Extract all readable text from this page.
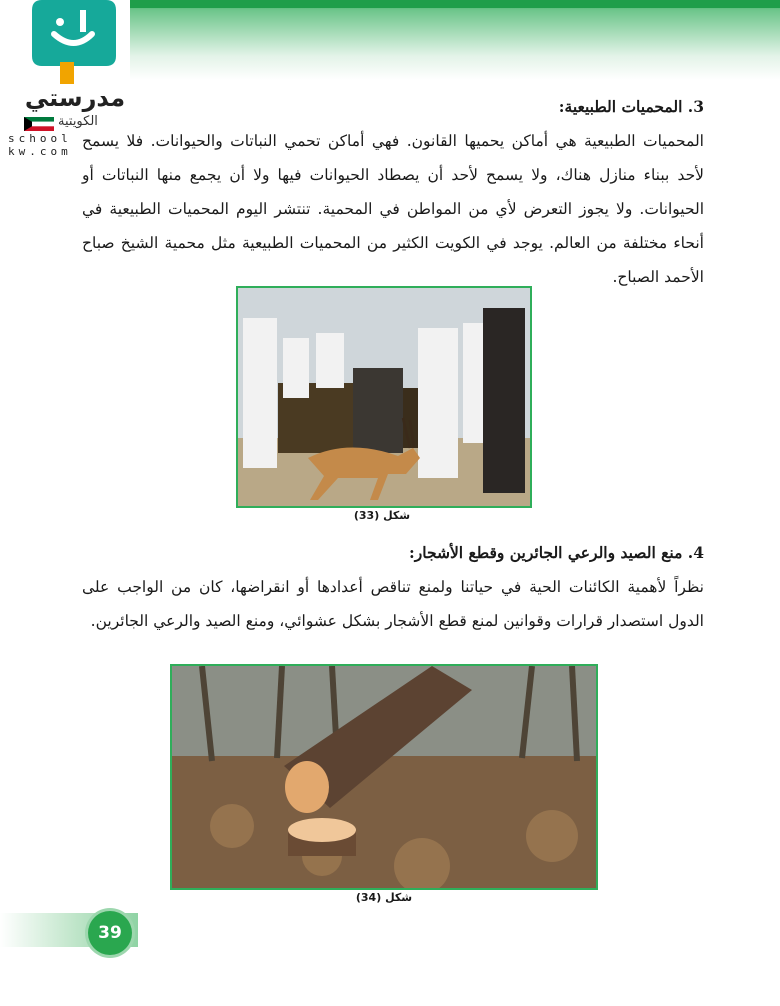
مدرستي
الكويتية
school kw.com
3. المحميات الطبيعية:
المحميات الطبيعية هي أماكن يحميها القانون. فهي أماكن تحمي النباتات والحيوانات. فلا يسمح لأحد ببناء منازل هناك، ولا يسمح لأحد أن يصطاد الحيوانات فيها ولا أن يجمع منها النباتات أو الحيوانات. ولا يجوز التعرض لأي من المواطن في المحمية. تنتشر اليوم المحميات الطبيعية في أنحاء مختلفة من العالم. يوجد في الكويت الكثير من المحميات الطبيعية مثل محمية الشيخ صباح الأحمد الصباح.
شكل (33)
4. منع الصيد والرعي الجائرين وقطع الأشجار:
نظراً لأهمية الكائنات الحية في حياتنا ولمنع تناقص أعدادها أو انقراضها، كان من الواجب على الدول استصدار قرارات وقوانين لمنع قطع الأشجار بشكل عشوائي، ومنع الصيد والرعي الجائرين.
شكل (34)
39
